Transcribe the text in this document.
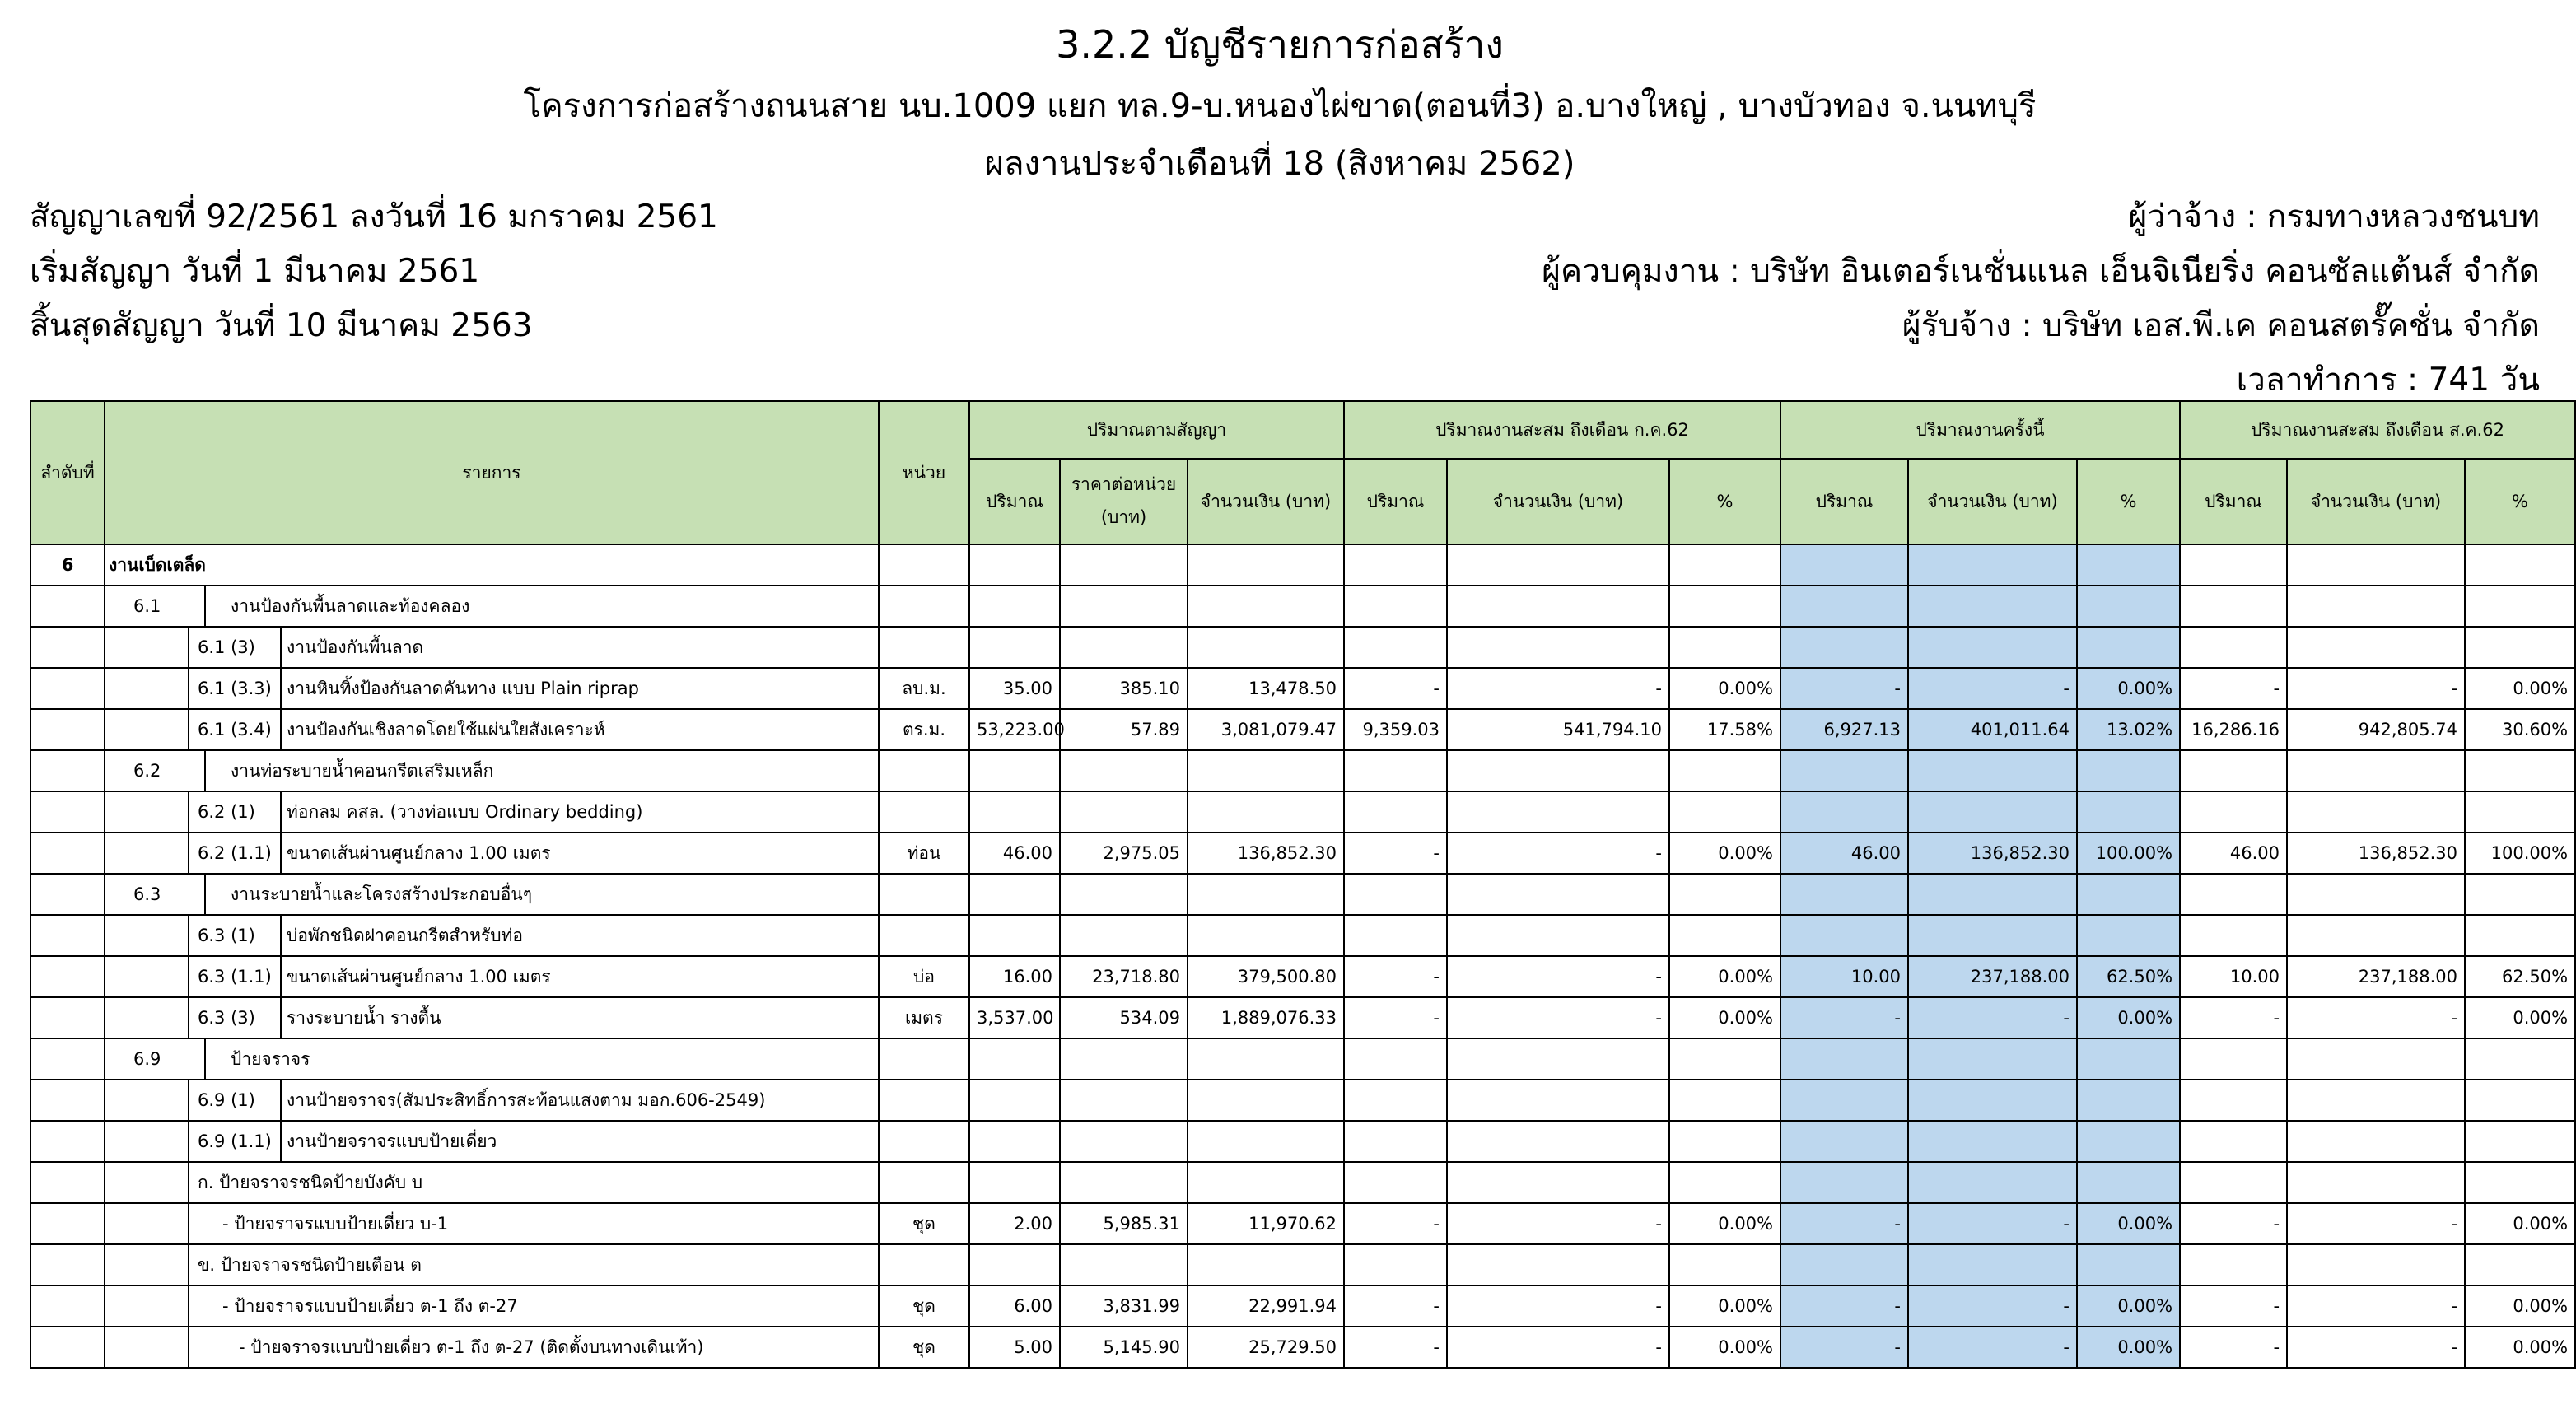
3.2.2 บัญชีรายการก่อสร้าง
โครงการก่อสร้างถนนสาย นบ.1009 แยก ทล.9-บ.หนองไผ่ขาด(ตอนที่3) อ.บางใหญ่ , บางบัวทอง จ.นนทบุรี
ผลงานประจำเดือนที่ 18 (สิงหาคม 2562)
สัญญาเลขที่ 92/2561 ลงวันที่ 16 มกราคม 2561
เริ่มสัญญา วันที่ 1 มีนาคม 2561
สิ้นสุดสัญญา วันที่ 10 มีนาคม 2563
ผู้ว่าจ้าง : กรมทางหลวงชนบท
ผู้ควบคุมงาน : บริษัท อินเตอร์เนชั่นแนล เอ็นจิเนียริ่ง คอนซัลแต้นส์ จำกัด
ผู้รับจ้าง : บริษัท เอส.พี.เค คอนสตรั๊คชั่น จำกัด
เวลาทำการ : 741 วัน
ลำดับที่	รายการ	หน่วย	ปริมาณตามสัญญา			ปริมาณงานสะสม ถึงเดือน ก.ค.62			ปริมาณงานครั้งนี้			ปริมาณงานสะสม ถึงเดือน ส.ค.62		
			ปริมาณ	ราคาต่อหน่วย (บาท)	จำนวนเงิน (บาท)	ปริมาณ	จำนวนเงิน (บาท)	%	ปริมาณ	จำนวนเงิน (บาท)	%	ปริมาณ	จำนวนเงิน (บาท)	%
6	งานเบ็ดเตล็ด													

	6.1 งานป้องกันพื้นลาดและท้องคลอง													

	6.1 (3) งานป้องกันพื้นลาด													

	6.1 (3.3) งานหินทิ้งป้องกันลาดคันทาง แบบ Plain riprap	ลบ.ม.	35.00	385.10	13,478.50	-	-	0.00%	-	-	0.00%	-	-	0.00%

	6.1 (3.4) งานป้องกันเชิงลาดโดยใช้แผ่นใยสังเคราะห์	ตร.ม.	53,223.00	57.89	3,081,079.47	9,359.03	541,794.10	17.58%	6,927.13	401,011.64	13.02%	16,286.16	942,805.74	30.60%

	6.2 งานท่อระบายน้ำคอนกรีตเสริมเหล็ก													

	6.2 (1) ท่อกลม คสล. (วางท่อแบบ Ordinary bedding)													

	6.2 (1.1) ขนาดเส้นผ่านศูนย์กลาง 1.00 เมตร	ท่อน	46.00	2,975.05	136,852.30	-	-	0.00%	46.00	136,852.30	100.00%	46.00	136,852.30	100.00%

	6.3 งานระบายน้ำและโครงสร้างประกอบอื่นๆ													

	6.3 (1) บ่อพักชนิดฝาคอนกรีตสำหรับท่อ													

	6.3 (1.1) ขนาดเส้นผ่านศูนย์กลาง 1.00 เมตร	บ่อ	16.00	23,718.80	379,500.80	-	-	0.00%	10.00	237,188.00	62.50%	10.00	237,188.00	62.50%

	6.3 (3) รางระบายน้ำ รางตื้น	เมตร	3,537.00	534.09	1,889,076.33	-	-	0.00%	-	-	0.00%	-	-	0.00%

	6.9 ป้ายจราจร													

	6.9 (1) งานป้ายจราจร(สัมประสิทธิ์การสะท้อนแสงตาม มอก.606-2549)													

	6.9 (1.1) งานป้ายจราจรแบบป้ายเดี่ยว													

	ก. ป้ายจราจรชนิดป้ายบังคับ บ													

	- ป้ายจราจรแบบป้ายเดี่ยว บ-1	ชุด	2.00	5,985.31	11,970.62	-	-	0.00%	-	-	0.00%	-	-	0.00%

	ข. ป้ายจราจรชนิดป้ายเตือน ต													

	- ป้ายจราจรแบบป้ายเดี่ยว ต-1 ถึง ต-27	ชุด	6.00	3,831.99	22,991.94	-	-	0.00%	-	-	0.00%	-	-	0.00%

	- ป้ายจราจรแบบป้ายเดี่ยว ต-1 ถึง ต-27 (ติดตั้งบนทางเดินเท้า)	ชุด	5.00	5,145.90	25,729.50	-	-	0.00%	-	-	0.00%	-	-	0.00%
